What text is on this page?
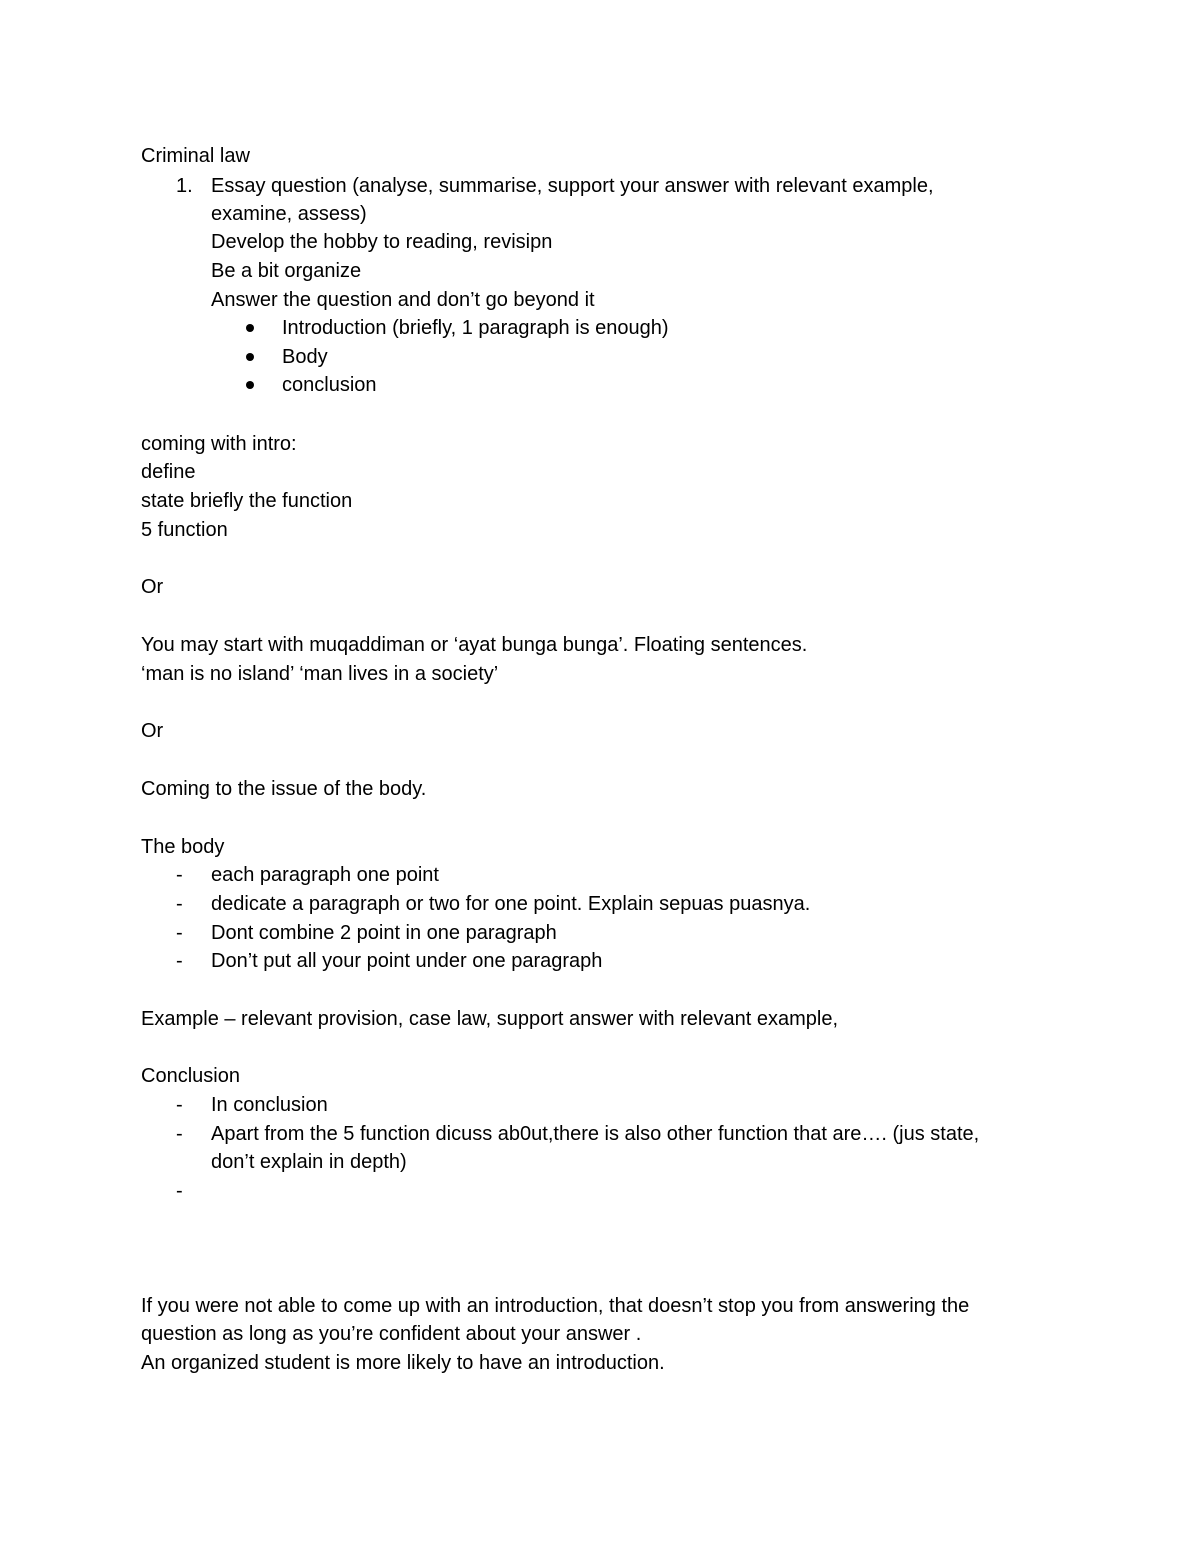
Criminal law
1. Essay question (analyse, summarise, support your answer with relevant example,
examine, assess)
Develop the hobby to reading, revisipn
Be a bit organize
Answer the question and don’t go beyond it
Introduction (briefly, 1 paragraph is enough)
Body
conclusion
coming with intro:
define
state briefly the function
5 function
Or
You may start with muqaddiman or ‘ayat bunga bunga’. Floating sentences.
‘man is no island’ ‘man lives in a society’
Or
Coming to the issue of the body.
The body
- each paragraph one point
- dedicate a paragraph or two for one point. Explain sepuas puasnya.
- Dont combine 2 point in one paragraph
- Don’t put all your point under one paragraph
Example – relevant provision, case law, support answer with relevant example,
Conclusion
- In conclusion
- Apart from the 5 function dicuss ab0ut,there is also other function that are…. (jus state,
don’t explain in depth)
-
If you were not able to come up with an introduction, that doesn’t stop you from answering the
question as long as you’re confident about your answer .
An organized student is more likely to have an introduction.
